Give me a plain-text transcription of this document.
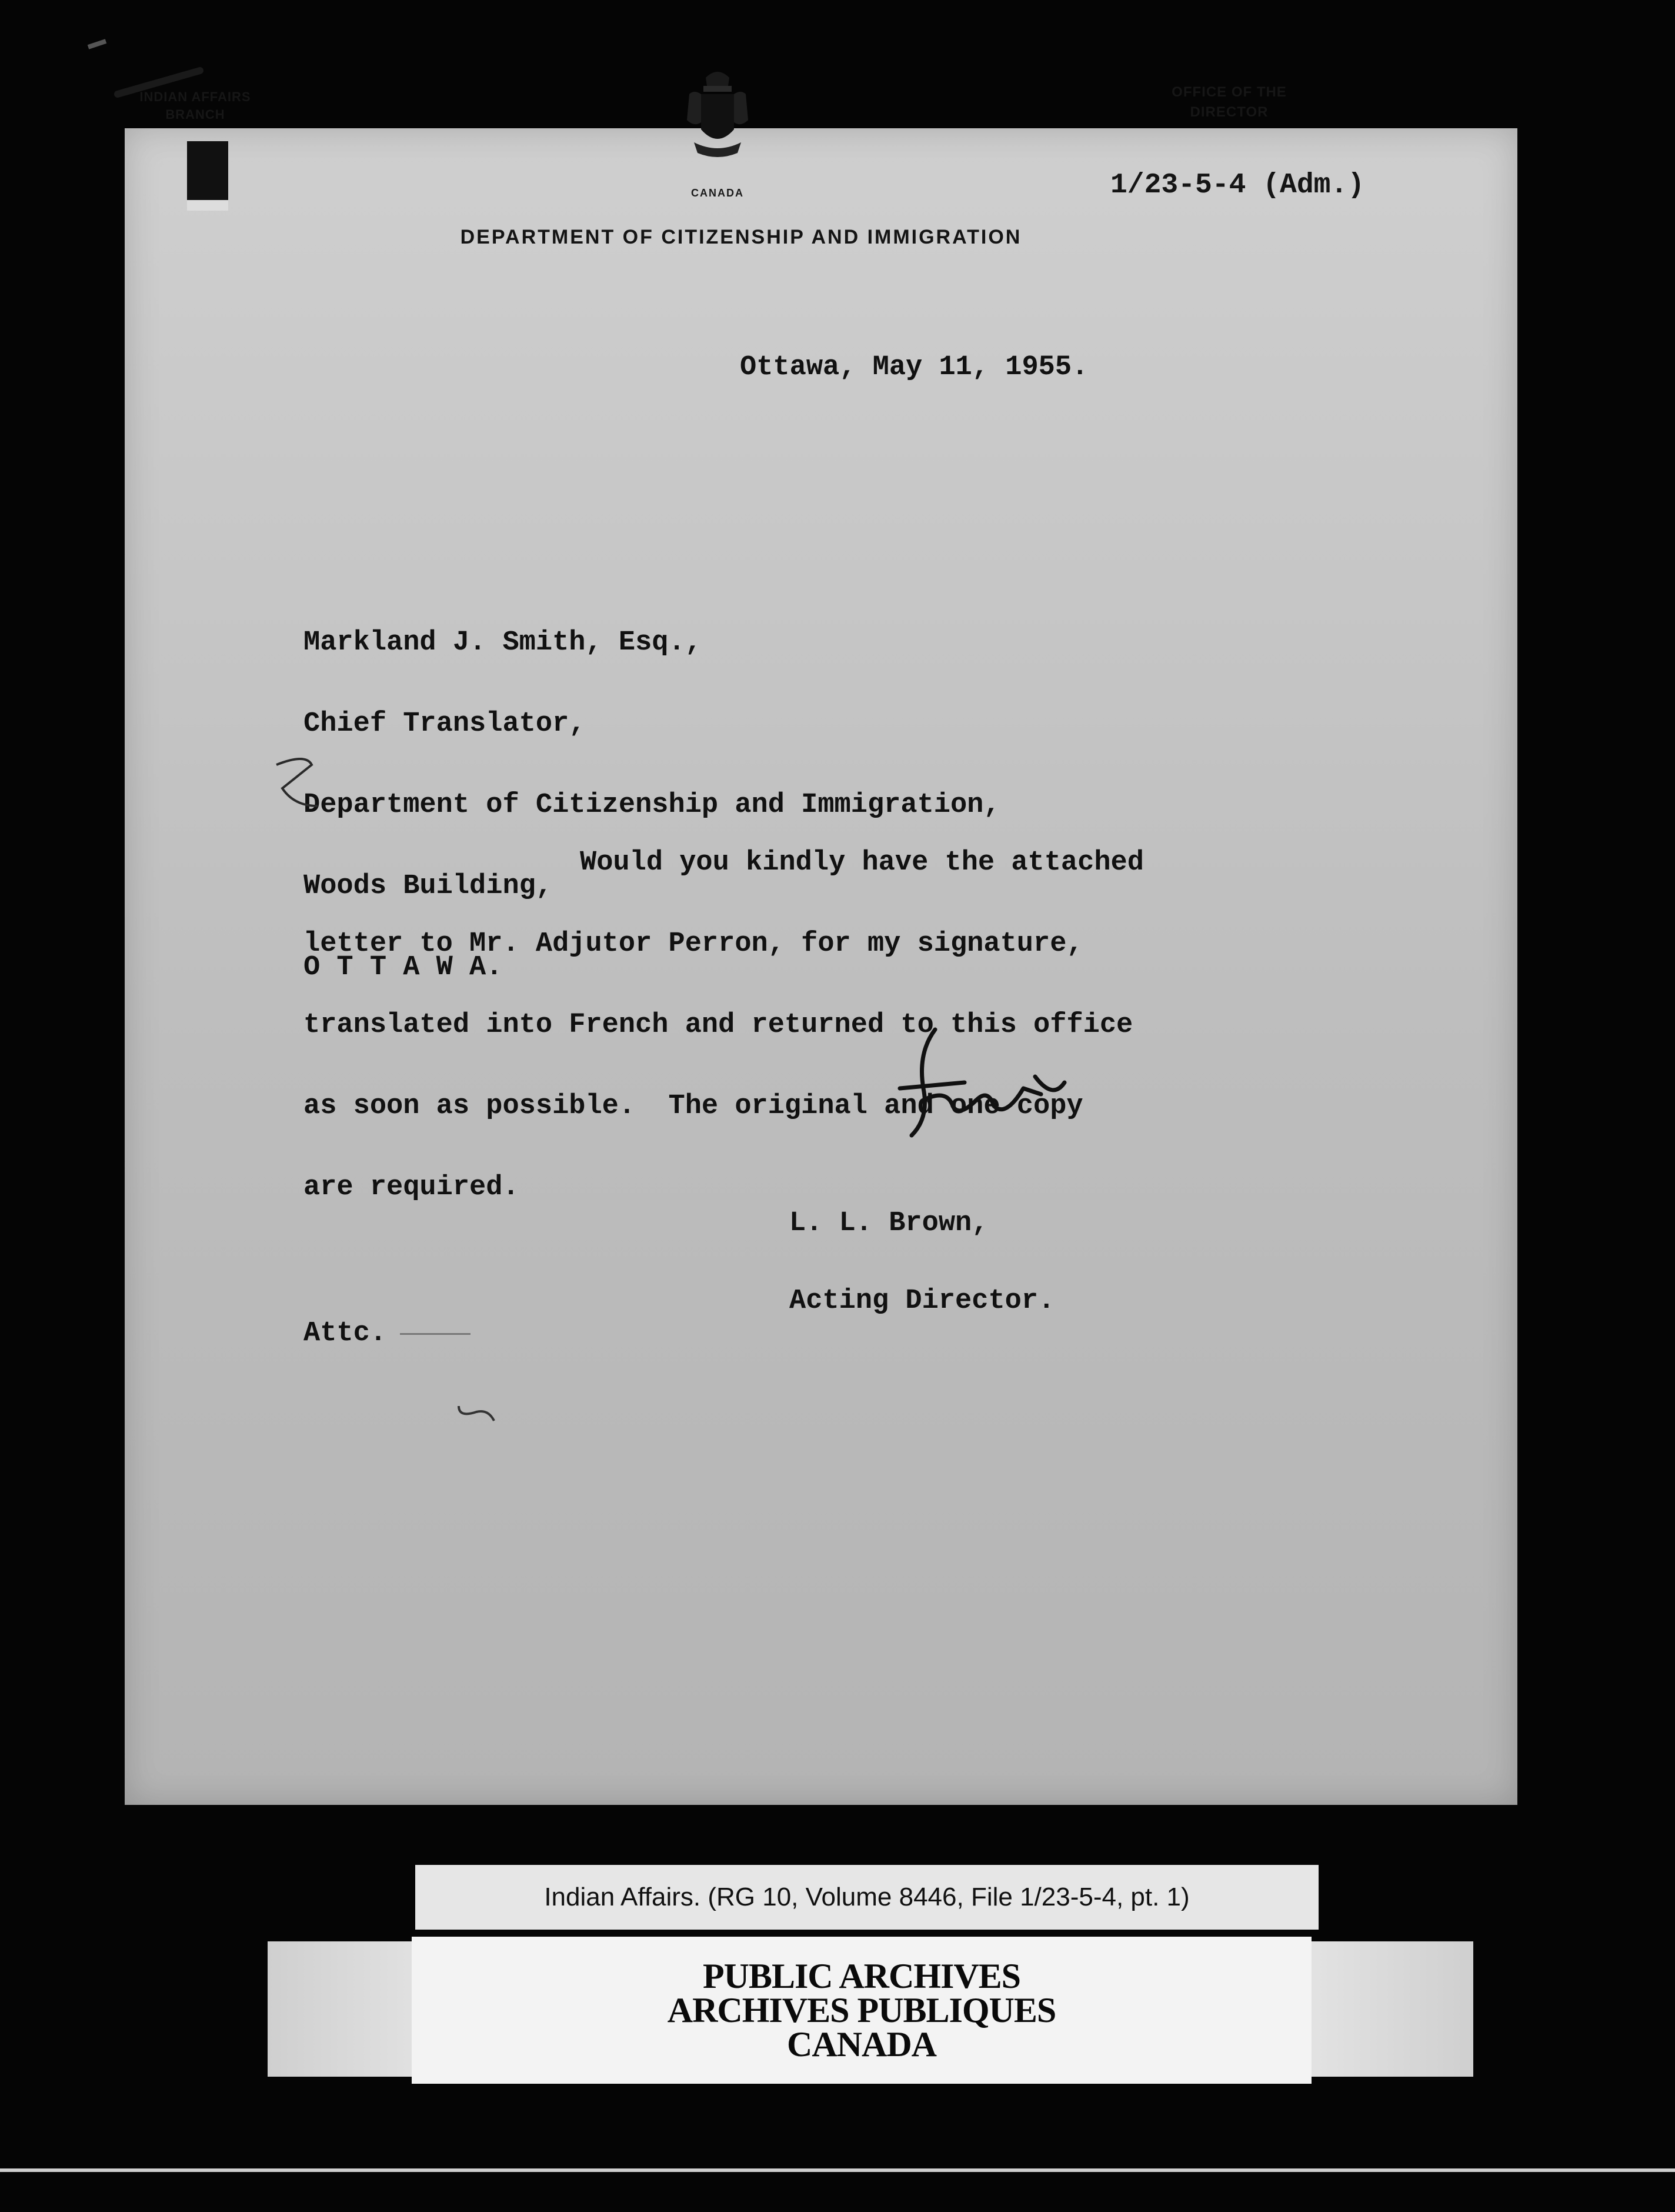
INDIAN AFFAIRS
BRANCH
CANADA
OFFICE OF THE
DIRECTOR
1/23-5-4 (Adm.)
DEPARTMENT OF CITIZENSHIP AND IMMIGRATION
Ottawa, May 11, 1955.

Markland J. Smith, Esq.,

Chief Translator,

Department of Citizenship and Immigration,

Woods Building,

O T T A W A.

Would you kindly have the attached

letter to Mr. Adjutor Perron, for my signature,

translated into French and returned to this office

as soon as possible.  The original and one copy

are required.

L. L. Brown,

Acting Director.

Attc.
Indian Affairs. (RG 10, Volume 8446, File 1/23-5-4, pt. 1)
PUBLIC ARCHIVES
ARCHIVES PUBLIQUES
CANADA
